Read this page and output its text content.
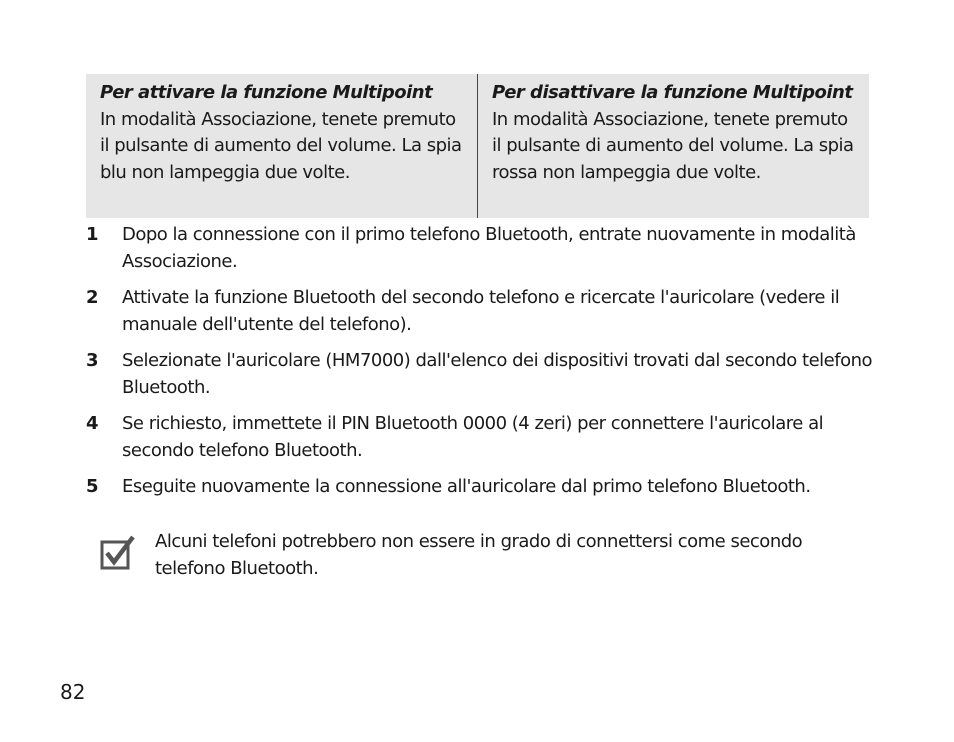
Per attivare la funzione Multipoint
In modalità Associazione, tenete premuto il pulsante di aumento del volume. La spia blu non lampeggia due volte.
Per disattivare la funzione Multipoint
In modalità Associazione, tenete premuto il pulsante di aumento del volume. La spia rossa non lampeggia due volte.
1	Dopo la connessione con il primo telefono Bluetooth, entrate nuovamente in modalità Associazione.
2	Attivate la funzione Bluetooth del secondo telefono e ricercate l'auricolare (vedere il manuale dell'utente del telefono).
3	Selezionate l'auricolare (HM7000) dall'elenco dei dispositivi trovati dal secondo telefono Bluetooth.
4	Se richiesto, immettete il PIN Bluetooth 0000 (4 zeri) per connettere l'auricolare al secondo telefono Bluetooth.
5	Eseguite nuovamente la connessione all'auricolare dal primo telefono Bluetooth.
Alcuni telefoni potrebbero non essere in grado di connettersi come secondo telefono Bluetooth.
82
